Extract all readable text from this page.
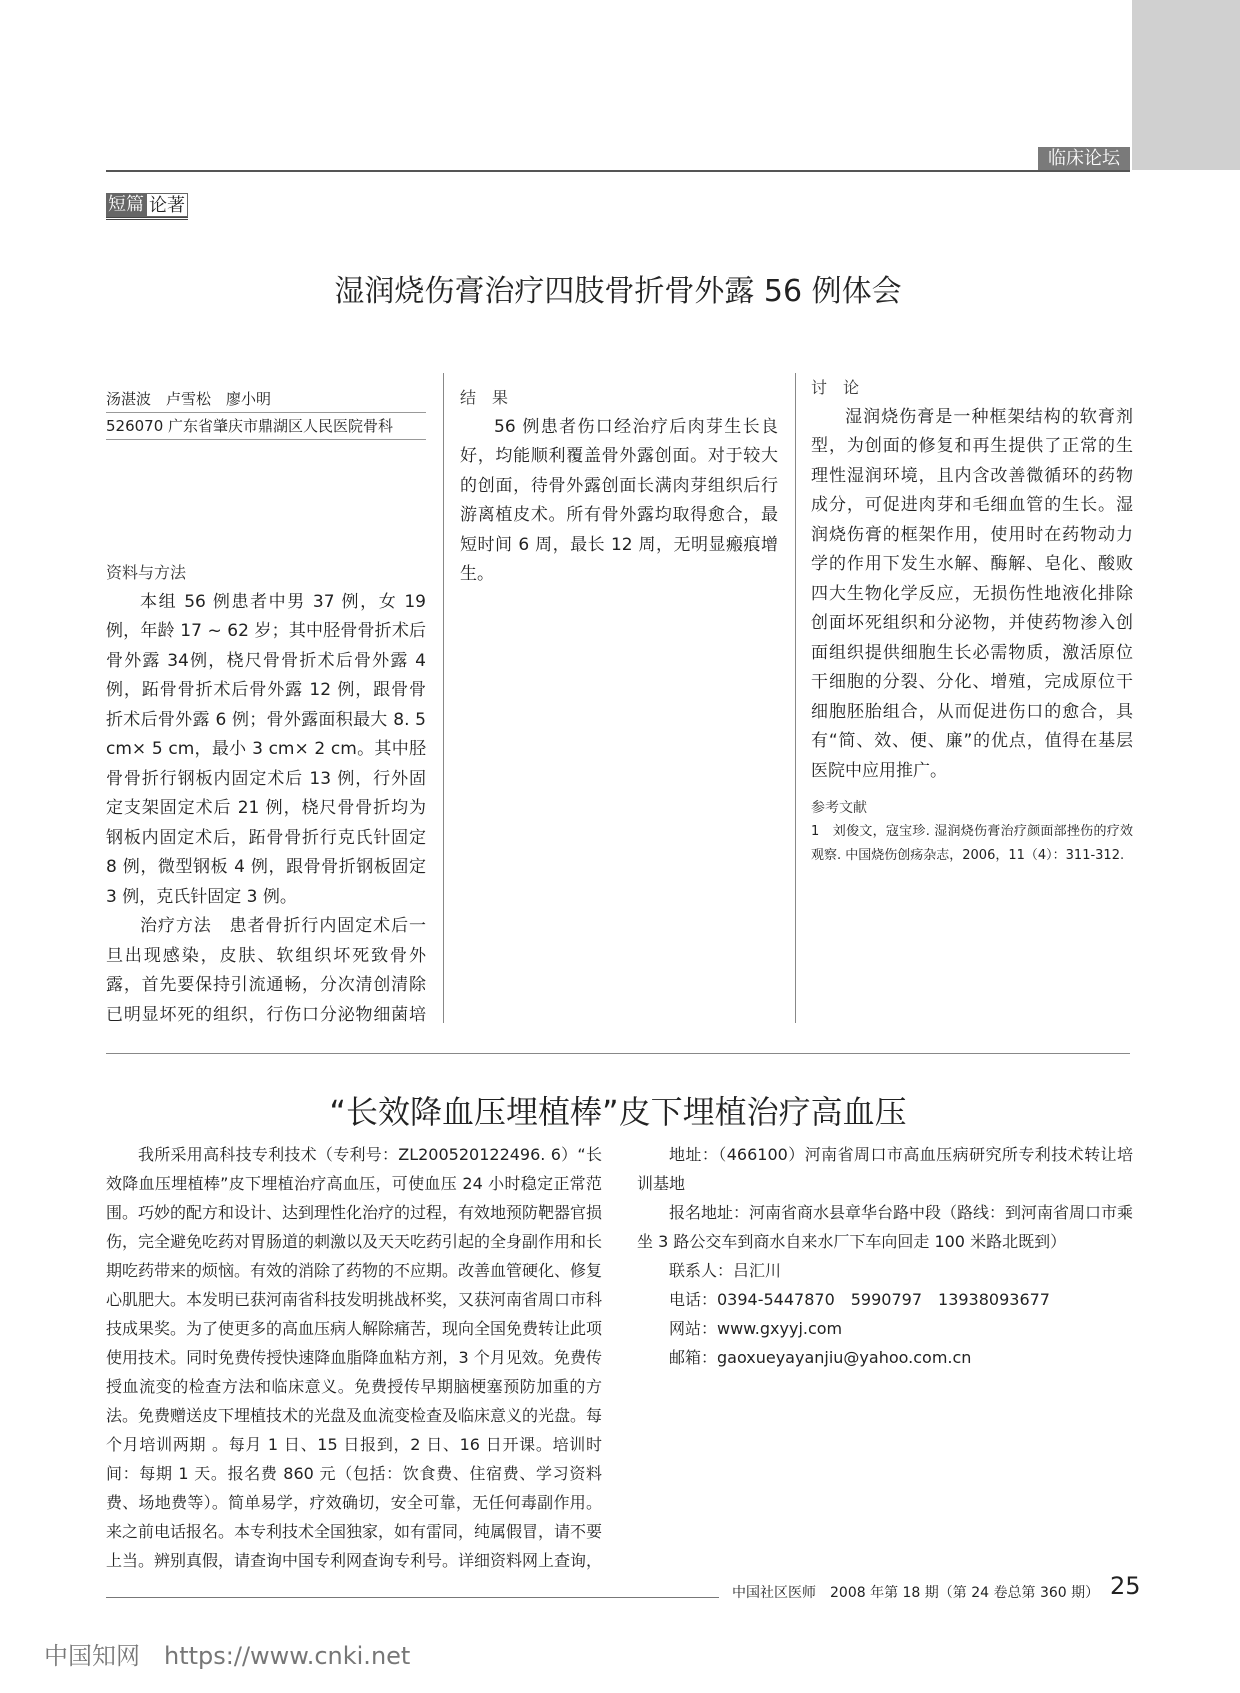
临床论坛
短篇 论著
湿润烧伤膏治疗四肢骨折骨外露 56 例体会
汤湛波　卢雪松　廖小明
526070 广东省肇庆市鼎湖区人民医院骨科

资料与方法

本组 56 例患者中男 37 例，女 19 例，年龄 17 ~ 62 岁；其中胫骨骨折术后骨外露 34例，桡尺骨骨折术后骨外露 4例，跖骨骨折术后骨外露 12 例，跟骨骨折术后骨外露 6 例；骨外露面积最大 8. 5 cm× 5 cm，最小 3 cm× 2 cm。其中胫骨骨折行钢板内固定术后 13 例，行外固定支架固定术后 21 例，桡尺骨骨折均为钢板内固定术后，跖骨骨折行克氏针固定 8 例，微型钢板 4 例，跟骨骨折钢板固定 3 例，克氏针固定 3 例。

治疗方法　患者骨折行内固定术后一旦出现感染，皮肤、软组织坏死致骨外露，首先要保持引流通畅，分次清创清除已明显坏死的组织，行伤口分泌物细菌培

结　果

56 例患者伤口经治疗后肉芽生长良好，均能顺利覆盖骨外露创面。对于较大的创面，待骨外露创面长满肉芽组织后行游离植皮术。所有骨外露均取得愈合，最短时间 6 周，最长 12 周，无明显瘢痕增生。

讨　论

湿润烧伤膏是一种框架结构的软膏剂型，为创面的修复和再生提供了正常的生理性湿润环境，且内含改善微循环的药物成分，可促进肉芽和毛细血管的生长。湿润烧伤膏的框架作用，使用时在药物动力学的作用下发生水解、酶解、皂化、酸败四大生物化学反应，无损伤性地液化排除创面坏死组织和分泌物，并使药物渗入创面组织提供细胞生长必需物质，激活原位干细胞的分裂、分化、增殖，完成原位干细胞胚胎组合，从而促进伤口的愈合，具有“简、效、便、廉”的优点，值得在基层医院中应用推广。

参考文献
1　刘俊文，寇宝珍. 湿润烧伤膏治疗颜面部挫伤的疗效观察. 中国烧伤创疡杂志，2006，11（4）：311-312.
“长效降血压埋植棒”皮下埋植治疗高血压

我所采用高科技专利技术（专利号：ZL200520122496. 6）“长效降血压埋植棒”皮下埋植治疗高血压，可使血压 24 小时稳定正常范围。巧妙的配方和设计、达到理性化治疗的过程，有效地预防靶器官损伤，完全避免吃药对胃肠道的刺激以及天天吃药引起的全身副作用和长期吃药带来的烦恼。有效的消除了药物的不应期。改善血管硬化、修复心肌肥大。本发明已获河南省科技发明挑战杯奖，又获河南省周口市科技成果奖。为了使更多的高血压病人解除痛苦，现向全国免费转让此项使用技术。同时免费传授快速降血脂降血粘方剂，3 个月见效。免费传授血流变的检查方法和临床意义。免费授传早期脑梗塞预防加重的方法。免费赠送皮下埋植技术的光盘及血流变检查及临床意义的光盘。每个月培训两期 。每月 1 日、15 日报到，2 日、16 日开课。培训时间：每期 1 天。报名费 860 元（包括：饮食费、住宿费、学习资料费、场地费等）。简单易学，疗效确切，安全可靠，无任何毒副作用。来之前电话报名。本专利技术全国独家，如有雷同，纯属假冒，请不要上当。辨别真假，请查询中国专利网查询专利号。详细资料网上查询，

地址：（466100）河南省周口市高血压病研究所专利技术转让培训基地

报名地址：河南省商水县章华台路中段（路线：到河南省周口市乘坐 3 路公交车到商水自来水厂下车向回走 100 米路北既到）

联系人：吕汇川

电话：0394-5447870　5990797　13938093677

网站：www.gxyyj.com

邮箱：gaoxueyayanjiu@yahoo.com.cn

中国社区医师　2008 年第 18 期（第 24 卷总第 360 期） 25
中国知网　https://www.cnki.net
